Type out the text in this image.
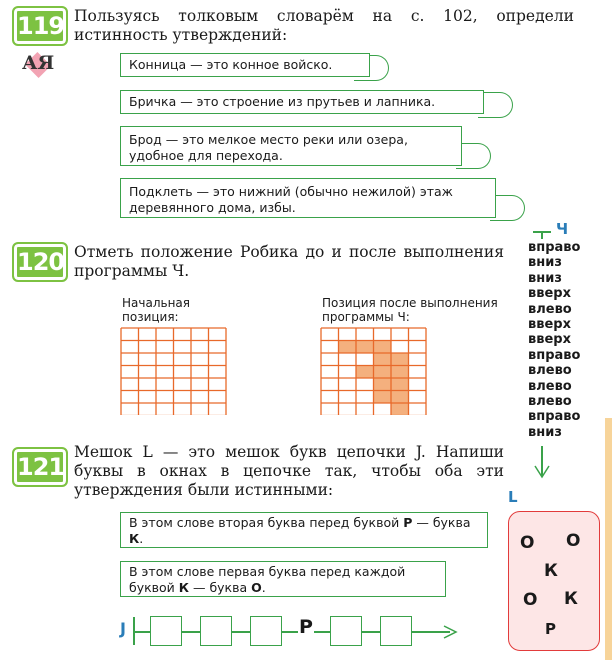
119 Пользуясь толковым словарём на с. 102, определи истинность утверждений:
АЯ	Конница — это конное войско.
Бричка — это строение из прутьев и лапника.
Брод — это мелкое место реки или озера, удобное для перехода.
Подклеть — это нижний (обычно нежилой) этаж деревянного дома, избы.
120 Отметь положение Робика до и после выполнения программы Ч.
Начальная позиция:
Позиция после выполнения программы Ч:
Ч
вправо
вниз
вниз
вверх
влево
вверх
вверх
вправо
влево
влево
влево
вправо
вниз
121
Мешок L — это мешок букв цепочки J. Напиши буквы в окнах в цепочке так, чтобы оба эти утверждения были истинными:
В этом слове вторая буква перед буквой Р — буква К.
В этом слове первая буква перед каждой буквой К — буква О.
J	Р
L
О О
К
О К
Р
